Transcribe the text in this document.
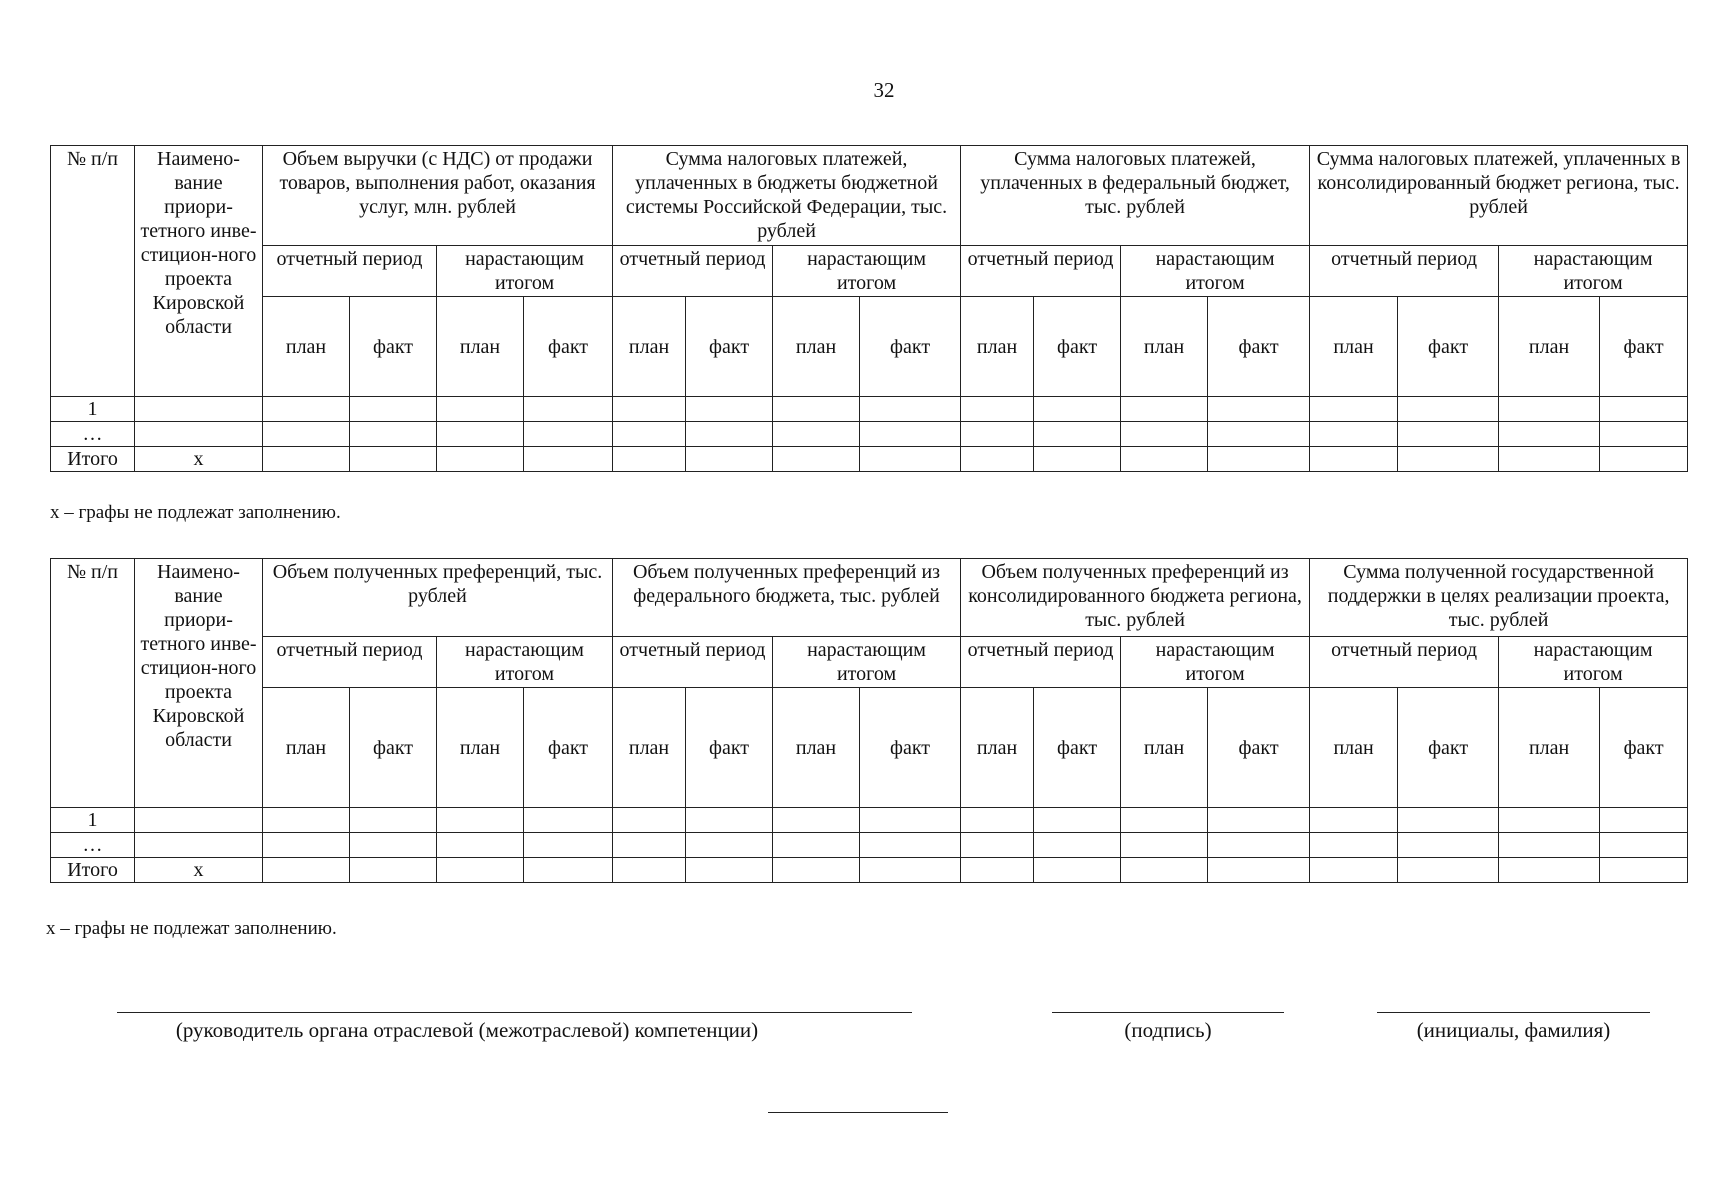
32
№ п/п	Наимено-вание приори-тетного инве-стицион-ного проекта Кировской области	Объем выручки (с НДС) от продажи товаров, выполнения работ, оказания услуг, млн. рублей				Сумма налоговых платежей, уплаченных в бюджеты бюджетной системы Российской Федерации, тыс. рублей				Сумма налоговых платежей, уплаченных в федеральный бюджет, тыс. рублей				Сумма налоговых платежей, уплаченных в консолидированный бюджет региона, тыс. рублей			
		отчетный период		нарастающим итогом		отчетный период		нарастающим итогом		отчетный период		нарастающим итогом		отчетный период		нарастающим итогом	
		план	факт	план	факт	план	факт	план	факт	план	факт	план	факт	план	факт	план	факт
1																	
…																	
Итого	х																
х – графы не подлежат заполнению.
№ п/п	Наимено-вание приори-тетного инве-стицион-ного проекта Кировской области	Объем полученных преференций, тыс. рублей				Объем полученных преференций из федерального бюджета, тыс. рублей				Объем полученных преференций из консолидированного бюджета региона, тыс. рублей				Сумма полученной государственной поддержки в целях реализации проекта, тыс. рублей			
		отчетный период		нарастающим итогом		отчетный период		нарастающим итогом		отчетный период		нарастающим итогом		отчетный период		нарастающим итогом	
		план	факт	план	факт	план	факт	план	факт	план	факт	план	факт	план	факт	план	факт
1																	
…																	
Итого	х																
х – графы не подлежат заполнению.
(руководитель органа отраслевой (межотраслевой) компетенции)	(подпись)	(инициалы, фамилия)
